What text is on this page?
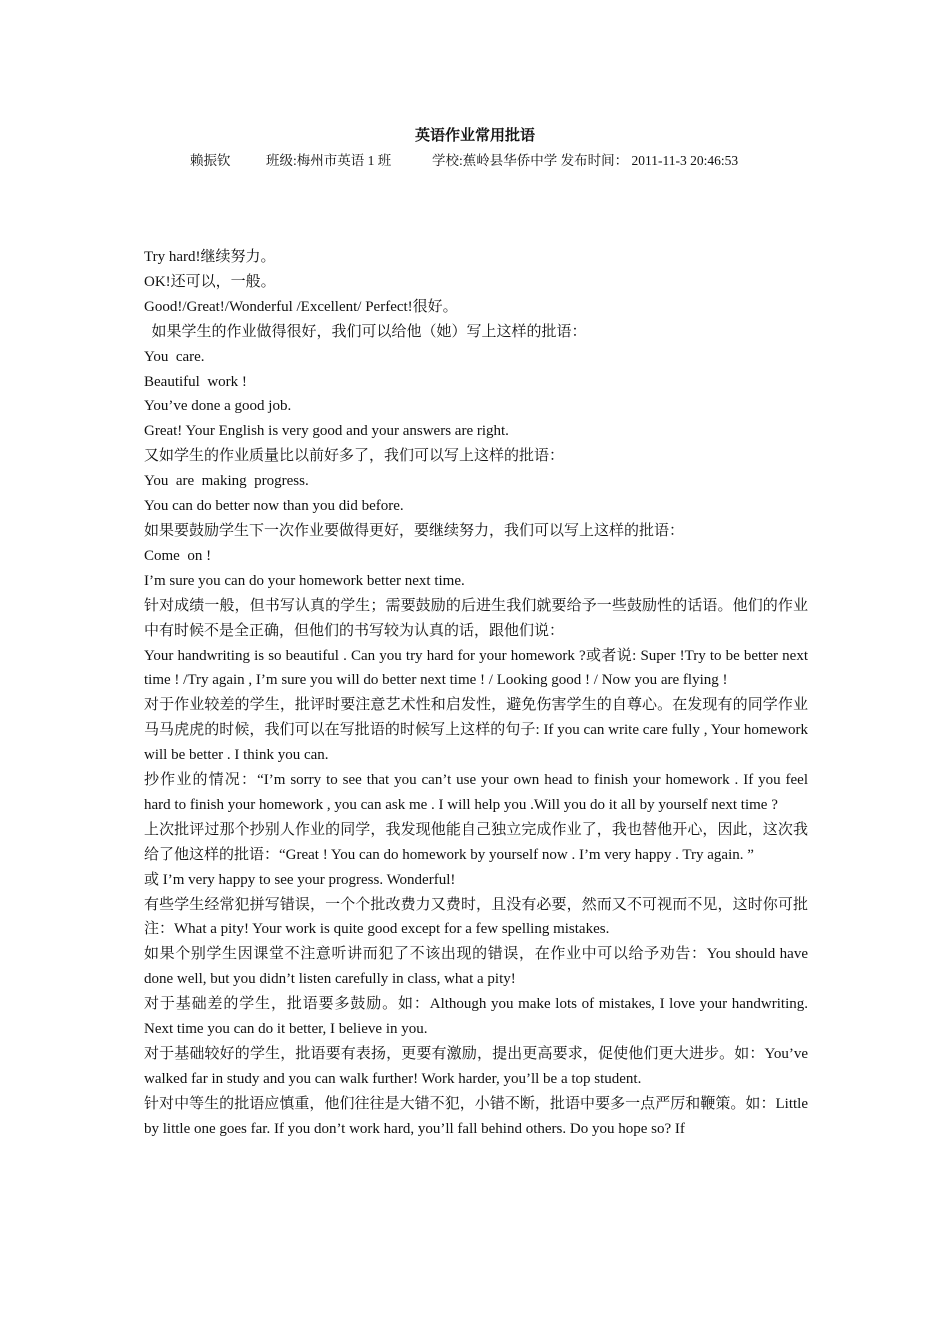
英语作业常用批语
赖振钦	班级:梅州市英语 1 班	学校:蕉岭县华侨中学 发布时间： 2011-11-3 20:46:53

Try hard!继续努力。

OK!还可以，一般。

Good!/Great!/Wonderful /Excellent/ Perfect!很好。

如果学生的作业做得很好，我们可以给他（她）写上这样的批语：

You  care.

Beautiful  work !

You’ve done a good job.

Great! Your English is very good and your answers are right.

又如学生的作业质量比以前好多了，我们可以写上这样的批语：

You  are  making  progress.

You can do better now than you did before.

如果要鼓励学生下一次作业要做得更好，要继续努力，我们可以写上这样的批语：

Come  on !

I’m sure you can do your homework better next time.

针对成绩一般，但书写认真的学生；需要鼓励的后进生我们就要给予一些鼓励性的话语。他们的作业中有时候不是全正确，但他们的书写较为认真的话，跟他们说：

Your handwriting is so beautiful . Can you try hard for your homework ?或者说: Super !Try to be better next time ! /Try again , I’m sure you will do better next time ! / Looking good ! / Now you are flying !

对于作业较差的学生，批评时要注意艺术性和启发性，避免伤害学生的自尊心。在发现有的同学作业马马虎虎的时候，我们可以在写批语的时候写上这样的句子: If you can write care fully , Your homework will be better . I think you can.

抄作业的情况：“I’m sorry to see that you can’t use your own head to finish your homework . If you feel hard to finish your homework , you can ask me . I will help you .Will you do it all by yourself next time ?

上次批评过那个抄别人作业的同学，我发现他能自己独立完成作业了，我也替他开心，因此，这次我给了他这样的批语：“Great ! You can do homework by yourself now . I’m very happy . Try again. ”

或 I’m very happy to see your progress. Wonderful!

有些学生经常犯拼写错误，一个个批改费力又费时，且没有必要，然而又不可视而不见，这时你可批注：What a pity! Your work is quite good except for a few spelling mistakes.

如果个别学生因课堂不注意听讲而犯了不该出现的错误，在作业中可以给予劝告：You should have done well, but you didn’t listen carefully in class, what a pity!

对于基础差的学生，批语要多鼓励。如：Although you make lots of mistakes, I love your handwriting. Next time you can do it better, I believe in you.

对于基础较好的学生，批语要有表扬，更要有激励，提出更高要求，促使他们更大进步。如：You’ve walked far in study and you can walk further! Work harder, you’ll be a top student.

针对中等生的批语应慎重，他们往往是大错不犯，小错不断，批语中要多一点严厉和鞭策。如：Little by little one goes far. If you don’t work hard, you’ll fall behind others. Do you hope so? If
